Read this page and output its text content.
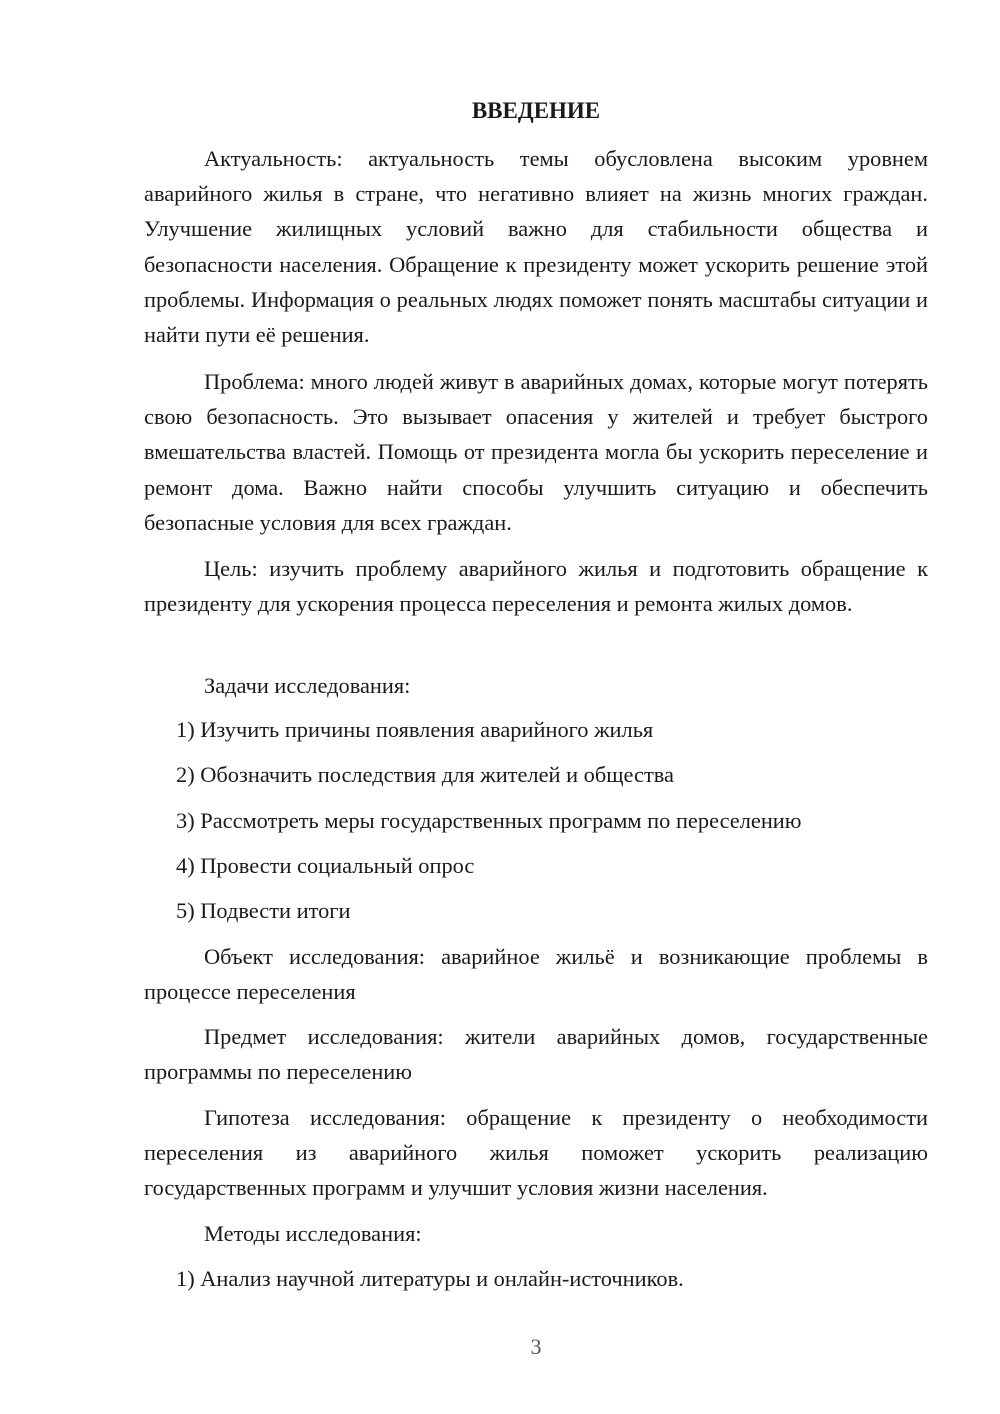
ВВЕДЕНИЕ

Актуальность: актуальность темы обусловлена высоким уровнем аварийного жилья в стране, что негативно влияет на жизнь многих граждан. Улучшение жилищных условий важно для стабильности общества и безопасности населения. Обращение к президенту может ускорить решение этой проблемы. Информация о реальных людях поможет понять масштабы ситуации и найти пути её решения.

Проблема: много людей живут в аварийных домах, которые могут потерять свою безопасность. Это вызывает опасения у жителей и требует быстрого вмешательства властей. Помощь от президента могла бы ускорить переселение и ремонт дома. Важно найти способы улучшить ситуацию и обеспечить безопасные условия для всех граждан.

Цель: изучить проблему аварийного жилья и подготовить обращение к президенту для ускорения процесса переселения и ремонта жилых домов.

Задачи исследования:

1) Изучить причины появления аварийного жилья
2) Обозначить последствия для жителей и общества
3) Рассмотреть меры государственных программ по переселению
4) Провести социальный опрос
5) Подвести итоги

Объект исследования: аварийное жильё и возникающие проблемы в процессе переселения

Предмет исследования: жители аварийных домов, государственные программы по переселению

Гипотеза исследования: обращение к президенту о необходимости переселения из аварийного жилья поможет ускорить реализацию государственных программ и улучшит условия жизни населения.

Методы исследования:

1) Анализ научной литературы и онлайн-источников.
3
